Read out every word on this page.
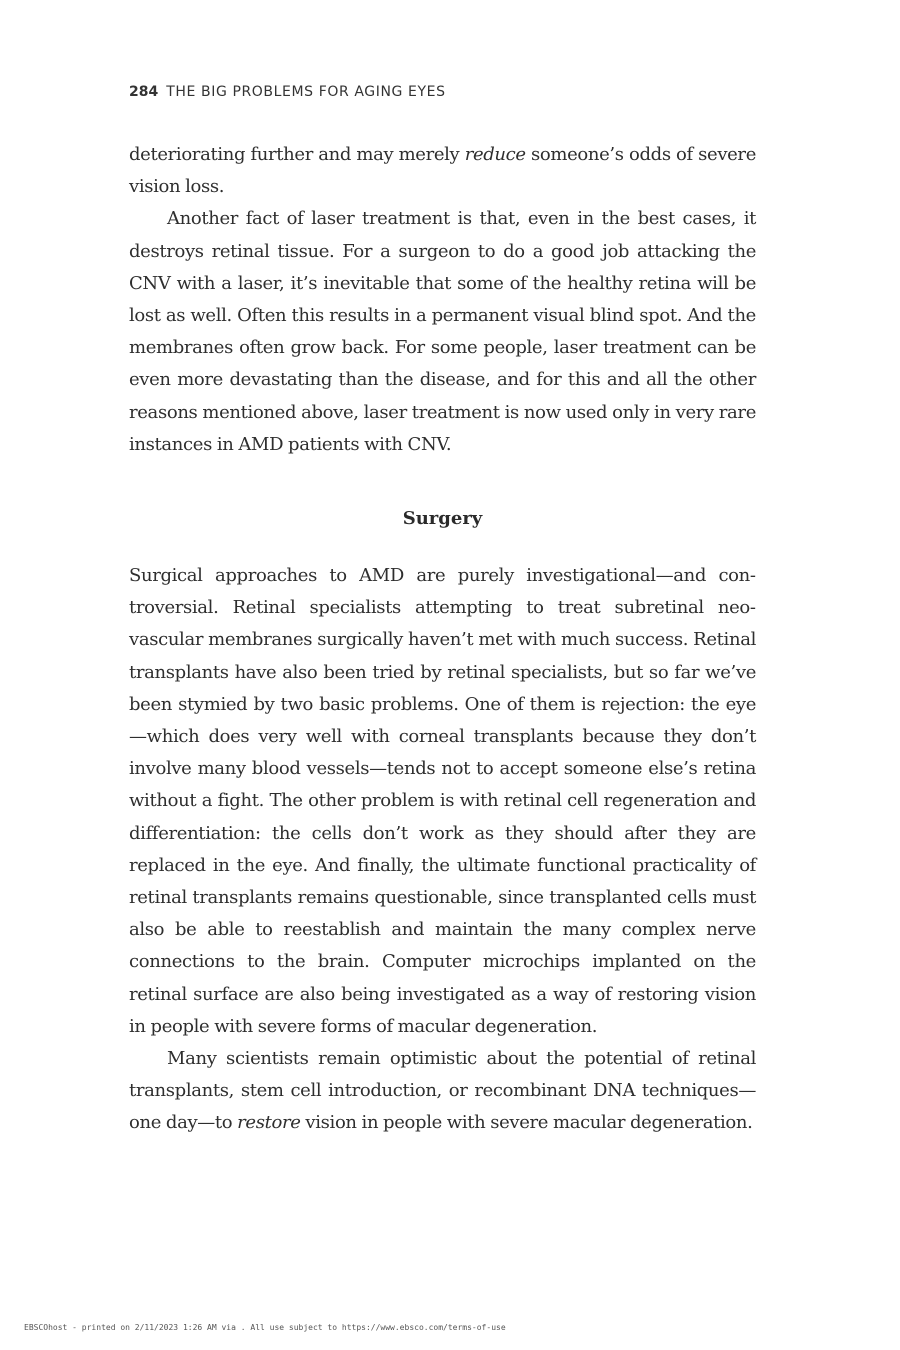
284 THE BIG PROBLEMS FOR AGING EYES

deteriorating further and may merely reduce someone’s odds of severe vision loss.

Another fact of laser treatment is that, even in the best cases, it destroys retinal tissue. For a surgeon to do a good job attacking the CNV with a laser, it’s inevitable that some of the healthy retina will be lost as well. Often this results in a permanent visual blind spot. And the membranes often grow back. For some people, laser treatment can be even more devastating than the disease, and for this and all the other reasons mentioned above, laser treatment is now used only in very rare instances in AMD patients with CNV.

Surgery

Surgical approaches to AMD are purely investigational—and controversial. Retinal specialists attempting to treat subretinal neovascular membranes surgically haven’t met with much success. Retinal transplants have also been tried by retinal specialists, but so far we’ve been stymied by two basic problems. One of them is rejection: the eye—which does very well with corneal transplants because they don’t involve many blood vessels—tends not to accept someone else’s retina without a fight. The other problem is with retinal cell regeneration and differentiation: the cells don’t work as they should after they are replaced in the eye. And finally, the ultimate functional practicality of retinal transplants remains questionable, since transplanted cells must also be able to reestablish and maintain the many complex nerve connections to the brain. Computer microchips implanted on the retinal surface are also being investigated as a way of restoring vision in people with severe forms of macular degeneration.

Many scientists remain optimistic about the potential of retinal transplants, stem cell introduction, or recombinant DNA techniques—one day—to restore vision in people with severe macular degeneration.

EBSCOhost - printed on 2/11/2023 1:26 AM via . All use subject to https://www.ebsco.com/terms-of-use
